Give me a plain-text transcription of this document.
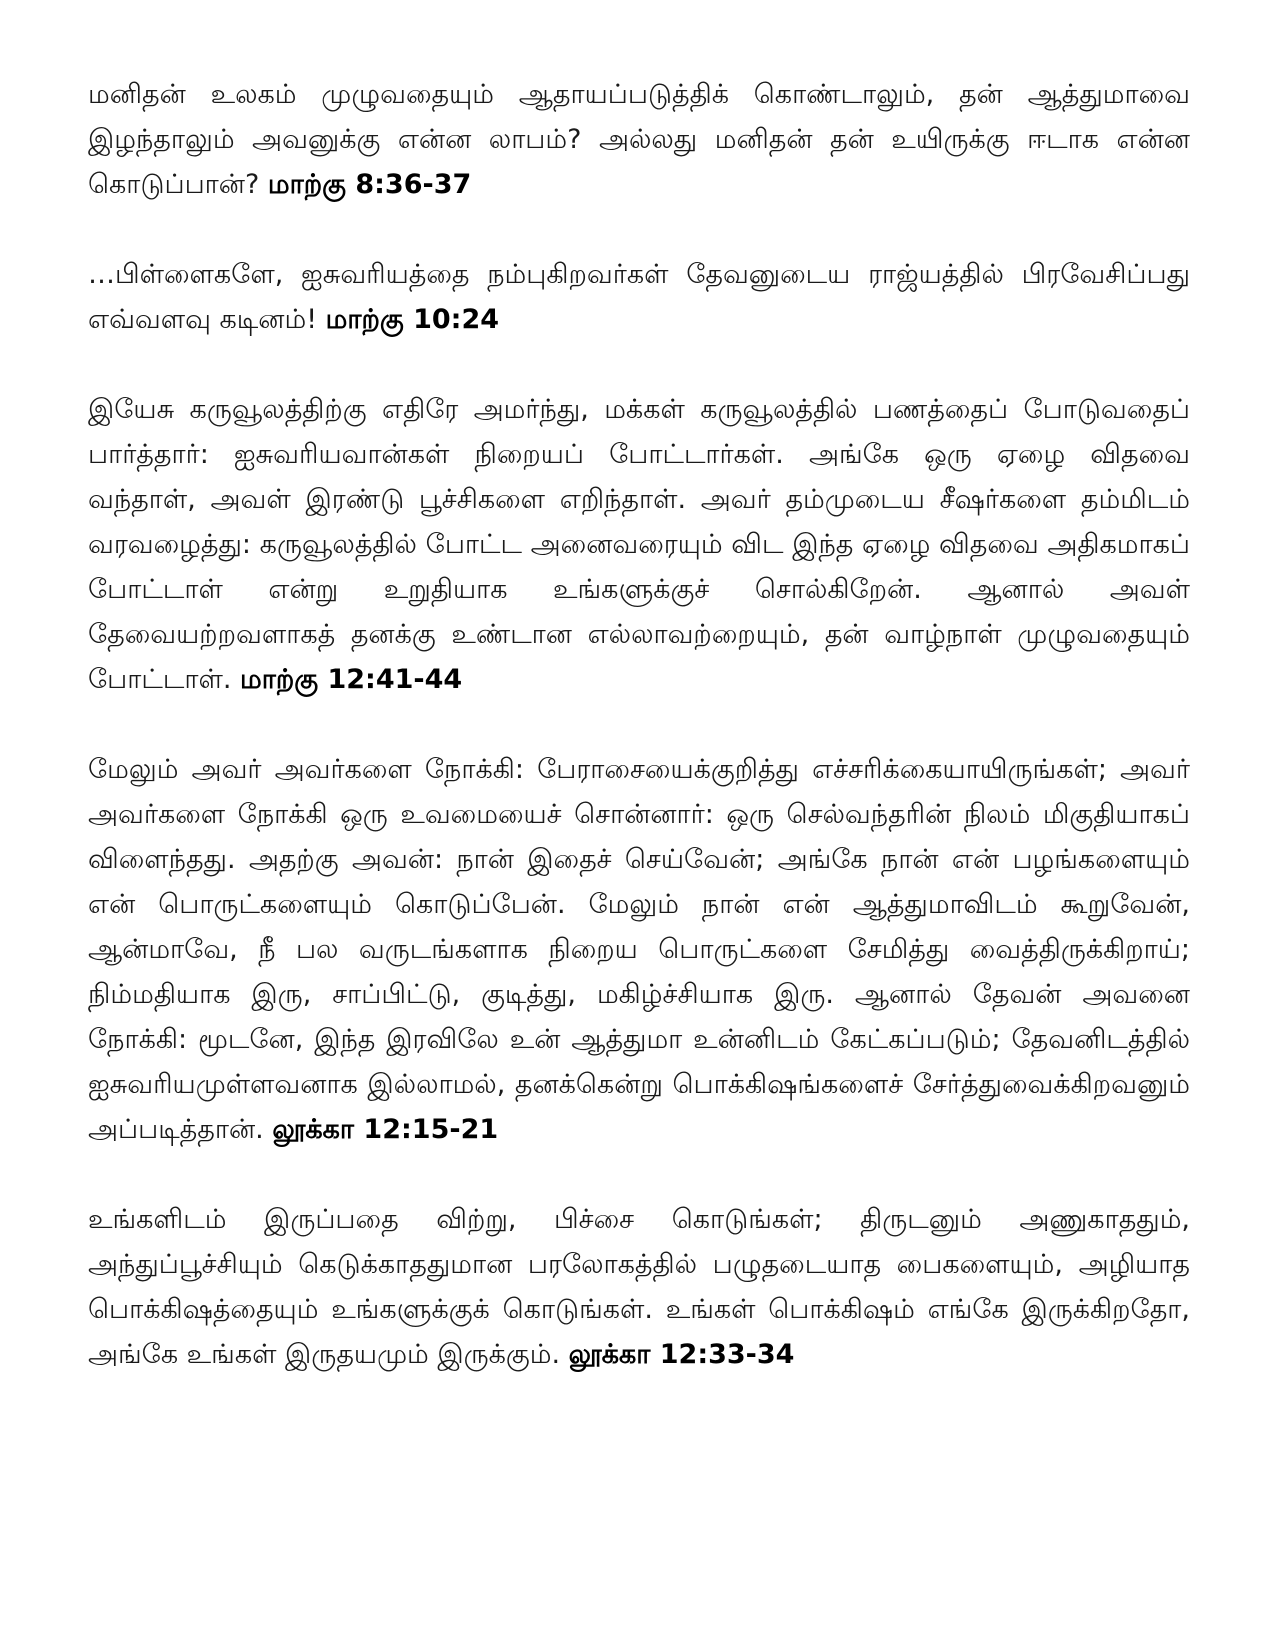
மனிதன் உலகம் முழுவதையும் ஆதாயப்படுத்திக் கொண்டாலும், தன் ஆத்துமாவை இழந்தாலும் அவனுக்கு என்ன லாபம்? அல்லது மனிதன் தன் உயிருக்கு ஈடாக என்ன கொடுப்பான்? மாற்கு 8:36-37

…பிள்ளைகளே, ஐசுவரியத்தை நம்புகிறவர்கள் தேவனுடைய ராஜ்யத்தில் பிரவேசிப்பது எவ்வளவு கடினம்! மாற்கு 10:24

இயேசு கருவூலத்திற்கு எதிரே அமர்ந்து, மக்கள் கருவூலத்தில் பணத்தைப் போடுவதைப் பார்த்தார்: ஐசுவரியவான்கள் நிறையப் போட்டார்கள். அங்கே ஒரு ஏழை விதவை வந்தாள், அவள் இரண்டு பூச்சிகளை எறிந்தாள். அவர் தம்முடைய சீஷர்களை தம்மிடம் வரவழைத்து: கருவூலத்தில் போட்ட அனைவரையும் விட இந்த ஏழை விதவை அதிகமாகப் போட்டாள் என்று உறுதியாக உங்களுக்குச் சொல்கிறேன். ஆனால் அவள் தேவையற்றவளாகத் தனக்கு உண்டான எல்லாவற்றையும், தன் வாழ்நாள் முழுவதையும் போட்டாள். மாற்கு 12:41-44

மேலும் அவர் அவர்களை நோக்கி: பேராசையைக்குறித்து எச்சரிக்கையாயிருங்கள்; அவர் அவர்களை நோக்கி ஒரு உவமையைச் சொன்னார்: ஒரு செல்வந்தரின் நிலம் மிகுதியாகப் விளைந்தது. அதற்கு அவன்: நான் இதைச் செய்வேன்; அங்கே நான் என் பழங்களையும் என் பொருட்களையும் கொடுப்பேன். மேலும் நான் என் ஆத்துமாவிடம் கூறுவேன், ஆன்மாவே, நீ பல வருடங்களாக நிறைய பொருட்களை சேமித்து வைத்திருக்கிறாய்; நிம்மதியாக இரு, சாப்பிட்டு, குடித்து, மகிழ்ச்சியாக இரு. ஆனால் தேவன் அவனை நோக்கி: மூடனே, இந்த இரவிலே உன் ஆத்துமா உன்னிடம் கேட்கப்படும்; தேவனிடத்தில் ஐசுவரியமுள்ளவனாக இல்லாமல், தனக்கென்று பொக்கிஷங்களைச் சேர்த்துவைக்கிறவனும் அப்படித்தான். லூக்கா 12:15-21

உங்களிடம் இருப்பதை விற்று, பிச்சை கொடுங்கள்; திருடனும் அணுகாததும், அந்துப்பூச்சியும் கெடுக்காததுமான பரலோகத்தில் பழுதடையாத பைகளையும், அழியாத பொக்கிஷத்தையும் உங்களுக்குக் கொடுங்கள். உங்கள் பொக்கிஷம் எங்கே இருக்கிறதோ, அங்கே உங்கள் இருதயமும் இருக்கும். லூக்கா 12:33-34
